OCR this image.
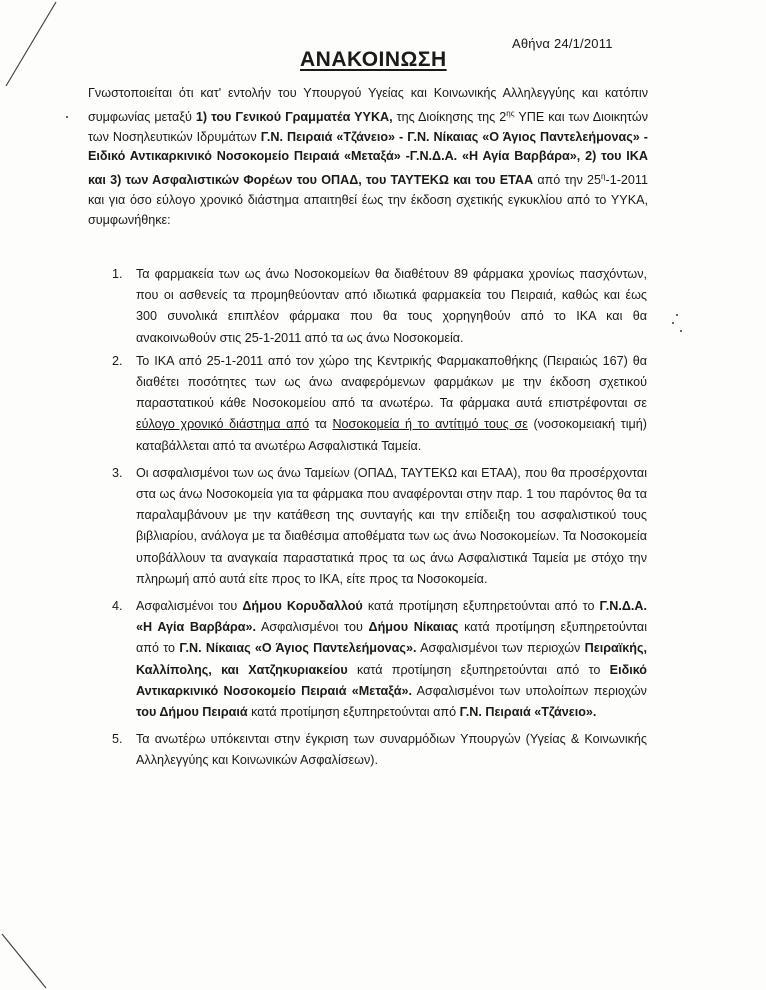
Αθήνα 24/1/2011
ΑΝΑΚΟΙΝΩΣΗ
Γνωστοποιείται ότι κατ' εντολήν του Υπουργού Υγείας και Κοινωνικής Αλληλεγγύης και κατόπιν συμφωνίας μεταξύ 1) του Γενικού Γραμματέα ΥΥΚΑ, της Διοίκησης της $2^{\eta\varsigma}$ ΥΠΕ και των Διοικητών των Νοσηλευτικών Ιδρυμάτων Γ.Ν. Πειραιά «Τζάνειο» - Γ.Ν. Νίκαιας «Ο Άγιος Παντελεήμονας» - Ειδικό Αντικαρκινικό Νοσοκομείο Πειραιά «Μεταξά» -Γ.Ν.Δ.Α. «Η Αγία Βαρβάρα», 2) του ΙΚΑ και 3) των Ασφαλιστικών Φορέων του ΟΠΑΔ, του ΤΑΥΤΕΚΩ και του ΕΤΑΑ από την $25^\eta-1-2011$ και για όσο εύλογο χρονικό διάστημα απαιτηθεί έως την έκδοση σχετικής εγκυκλίου από το ΥΥΚΑ, συμφωνήθηκε:
1. Τα φαρμακεία των ως άνω Νοσοκομείων θα διαθέτουν 89 φάρμακα χρονίως πασχόντων, που οι ασθενείς τα προμηθεύονταν από ιδιωτικά φαρμακεία του Πειραιά, καθώς και έως 300 συνολικά επιπλέον φάρμακα που θα τους χορηγηθούν από το ΙΚΑ και θα ανακοινωθούν στις 25-1-2011 από τα ως άνω Νοσοκομεία.
2. Το ΙΚΑ από 25-1-2011 από τον χώρο της Κεντρικής Φαρμακαποθήκης (Πειραιώς 167) θα διαθέτει ποσότητες των ως άνω αναφερόμενων φαρμάκων με την έκδοση σχετικού παραστατικού κάθε Νοσοκομείου από τα ανωτέρω. Τα φάρμακα αυτά επιστρέφονται σε εύλογο χρονικό διάστημα από τα Νοσοκομεία ή το αντίτιμό τους σε (νοσοκομειακή τιμή) καταβάλλεται από τα ανωτέρω Ασφαλιστικά Ταμεία.
3. Οι ασφαλισμένοι των ως άνω Ταμείων (ΟΠΑΔ, ΤΑΥΤΕΚΩ και ΕΤΑΑ), που θα προσέρχονται στα ως άνω Νοσοκομεία για τα φάρμακα που αναφέρονται στην παρ. 1 του παρόντος θα τα παραλαμβάνουν με την κατάθεση της συνταγής και την επίδειξη του ασφαλιστικού τους βιβλιαρίου, ανάλογα με τα διαθέσιμα αποθέματα των ως άνω Νοσοκομείων. Τα Νοσοκομεία υποβάλλουν τα αναγκαία παραστατικά προς τα ως άνω Ασφαλιστικά Ταμεία με στόχο την πληρωμή από αυτά είτε προς το ΙΚΑ, είτε προς τα Νοσοκομεία.
4. Ασφαλισμένοι του Δήμου Κορυδαλλού κατά προτίμηση εξυπηρετούνται από το Γ.Ν.Δ.Α. «Η Αγία Βαρβάρα». Ασφαλισμένοι του Δήμου Νίκαιας κατά προτίμηση εξυπηρετούνται από το Γ.Ν. Νίκαιας «Ο Άγιος Παντελεήμονας». Ασφαλισμένοι των περιοχών Πειραϊκής, Καλλίπολης, και Χατζηκυριακείου κατά προτίμηση εξυπηρετούνται από το Ειδικό Αντικαρκινικό Νοσοκομείο Πειραιά «Μεταξά». Ασφαλισμένοι των υπολοίπων περιοχών του Δήμου Πειραιά κατά προτίμηση εξυπηρετούνται από Γ.Ν. Πειραιά «Τζάνειο».
5. Τα ανωτέρω υπόκεινται στην έγκριση των συναρμόδιων Υπουργών (Υγείας & Κοινωνικής Αλληλεγγύης και Κοινωνικών Ασφαλίσεων).
